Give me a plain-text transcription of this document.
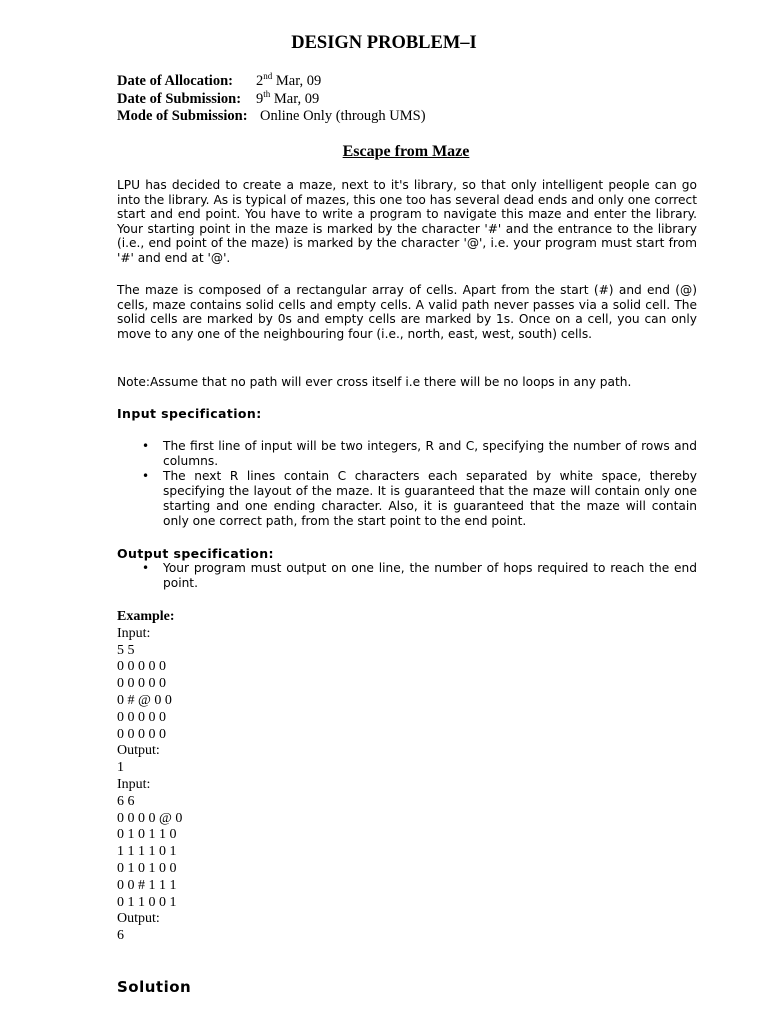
DESIGN PROBLEM–I
Date of Allocation: 2nd Mar, 09
Date of Submission: 9th Mar, 09
Mode of Submission: Online Only (through UMS)
Escape from Maze
LPU has decided to create a maze, next to it's library, so that only intelligent people can go into the library. As is typical of mazes, this one too has several dead ends and only one correct start and end point. You have to write a program to navigate this maze and enter the library. Your starting point in the maze is marked by the character '#' and the entrance to the library (i.e., end point of the maze) is marked by the character '@', i.e. your program must start from '#' and end at '@'.
The maze is composed of a rectangular array of cells. Apart from the start (#) and end (@) cells, maze contains solid cells and empty cells. A valid path never passes via a solid cell. The solid cells are marked by 0s and empty cells are marked by 1s. Once on a cell, you can only move to any one of the neighbouring four (i.e., north, east, west, south) cells.
Note:Assume that no path will ever cross itself i.e there will be no loops in any path.
Input specification:
• The first line of input will be two integers, R and C, specifying the number of rows and columns.
• The next R lines contain C characters each separated by white space, thereby specifying the layout of the maze. It is guaranteed that the maze will contain only one starting and one ending character. Also, it is guaranteed that the maze will contain only one correct path, from the start point to the end point.
Output specification:
• Your program must output on one line, the number of hops required to reach the end point.
Example:
Input:
5 5
0 0 0 0 0
0 0 0 0 0
0 # @ 0 0
0 0 0 0 0
0 0 0 0 0
Output:
1
Input:
6 6
0 0 0 0 @ 0
0 1 0 1 1 0
1 1 1 1 0 1
0 1 0 1 0 0
0 0 # 1 1 1
0 1 1 0 0 1
Output:
6
Solution
